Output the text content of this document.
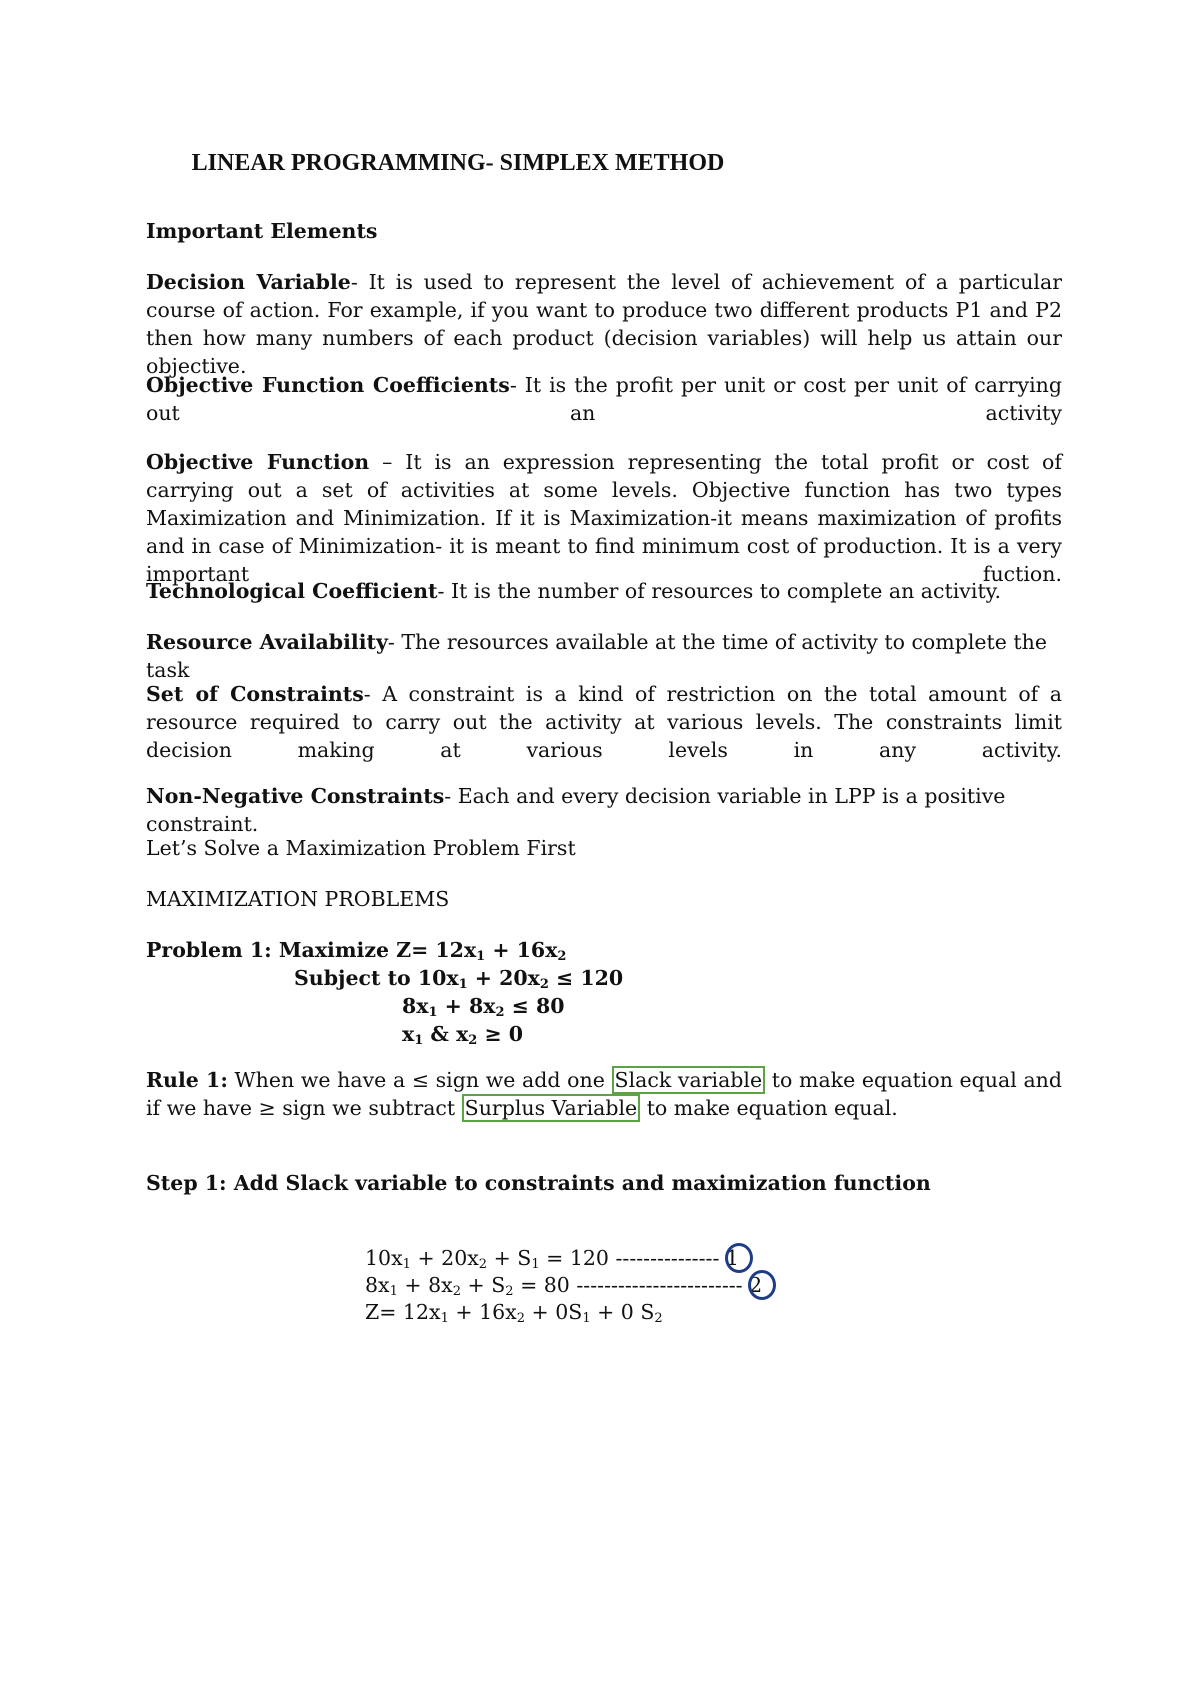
LINEAR PROGRAMMING- SIMPLEX METHOD

Important Elements

Decision Variable- It is used to represent the level of achievement of a particular course of action. For example, if you want to produce two different products P1 and P2 then how many numbers of each product (decision variables) will help us attain our objective.

Objective Function Coefficients- It is the profit per unit or cost per unit of carrying out an activity

Objective Function – It is an expression representing the total profit or cost of carrying out a set of activities at some levels. Objective function has two types Maximization and Minimization. If it is Maximization-it means maximization of profits and in case of Minimization- it is meant to find minimum cost of production. It is a very important fuction.

Technological Coefficient- It is the number of resources to complete an activity.

Resource Availability- The resources available at the time of activity to complete the task

Set of Constraints- A constraint is a kind of restriction on the total amount of a resource required to carry out the activity at various levels. The constraints limit decision making at various levels in any activity.

Non-Negative Constraints- Each and every decision variable in LPP is a positive constraint.

Let’s Solve a Maximization Problem First

MAXIMIZATION PROBLEMS

Problem 1: Maximize $Z= 12x_1 + 16x_2$
Subject to $10x_1 + 20x_2 \le 120$
$8x_1 + 8x_2 \le 80$
$x_1$ & $x_2 \ge 0$

Rule 1: When we have a ≤ sign we add one Slack variable to make equation equal and if we have ≥ sign we subtract Surplus Variable to make equation equal.

Step 1: Add Slack variable to constraints and maximization function

$10x_1 + 20x_2 + S_1 = 120$ --------------- 1
$8x_1 + 8x_2 + S_2 = 80$ ------------------------ 2
$Z= 12x_1 + 16x_2 + 0S_1 + 0$ $S_2$
